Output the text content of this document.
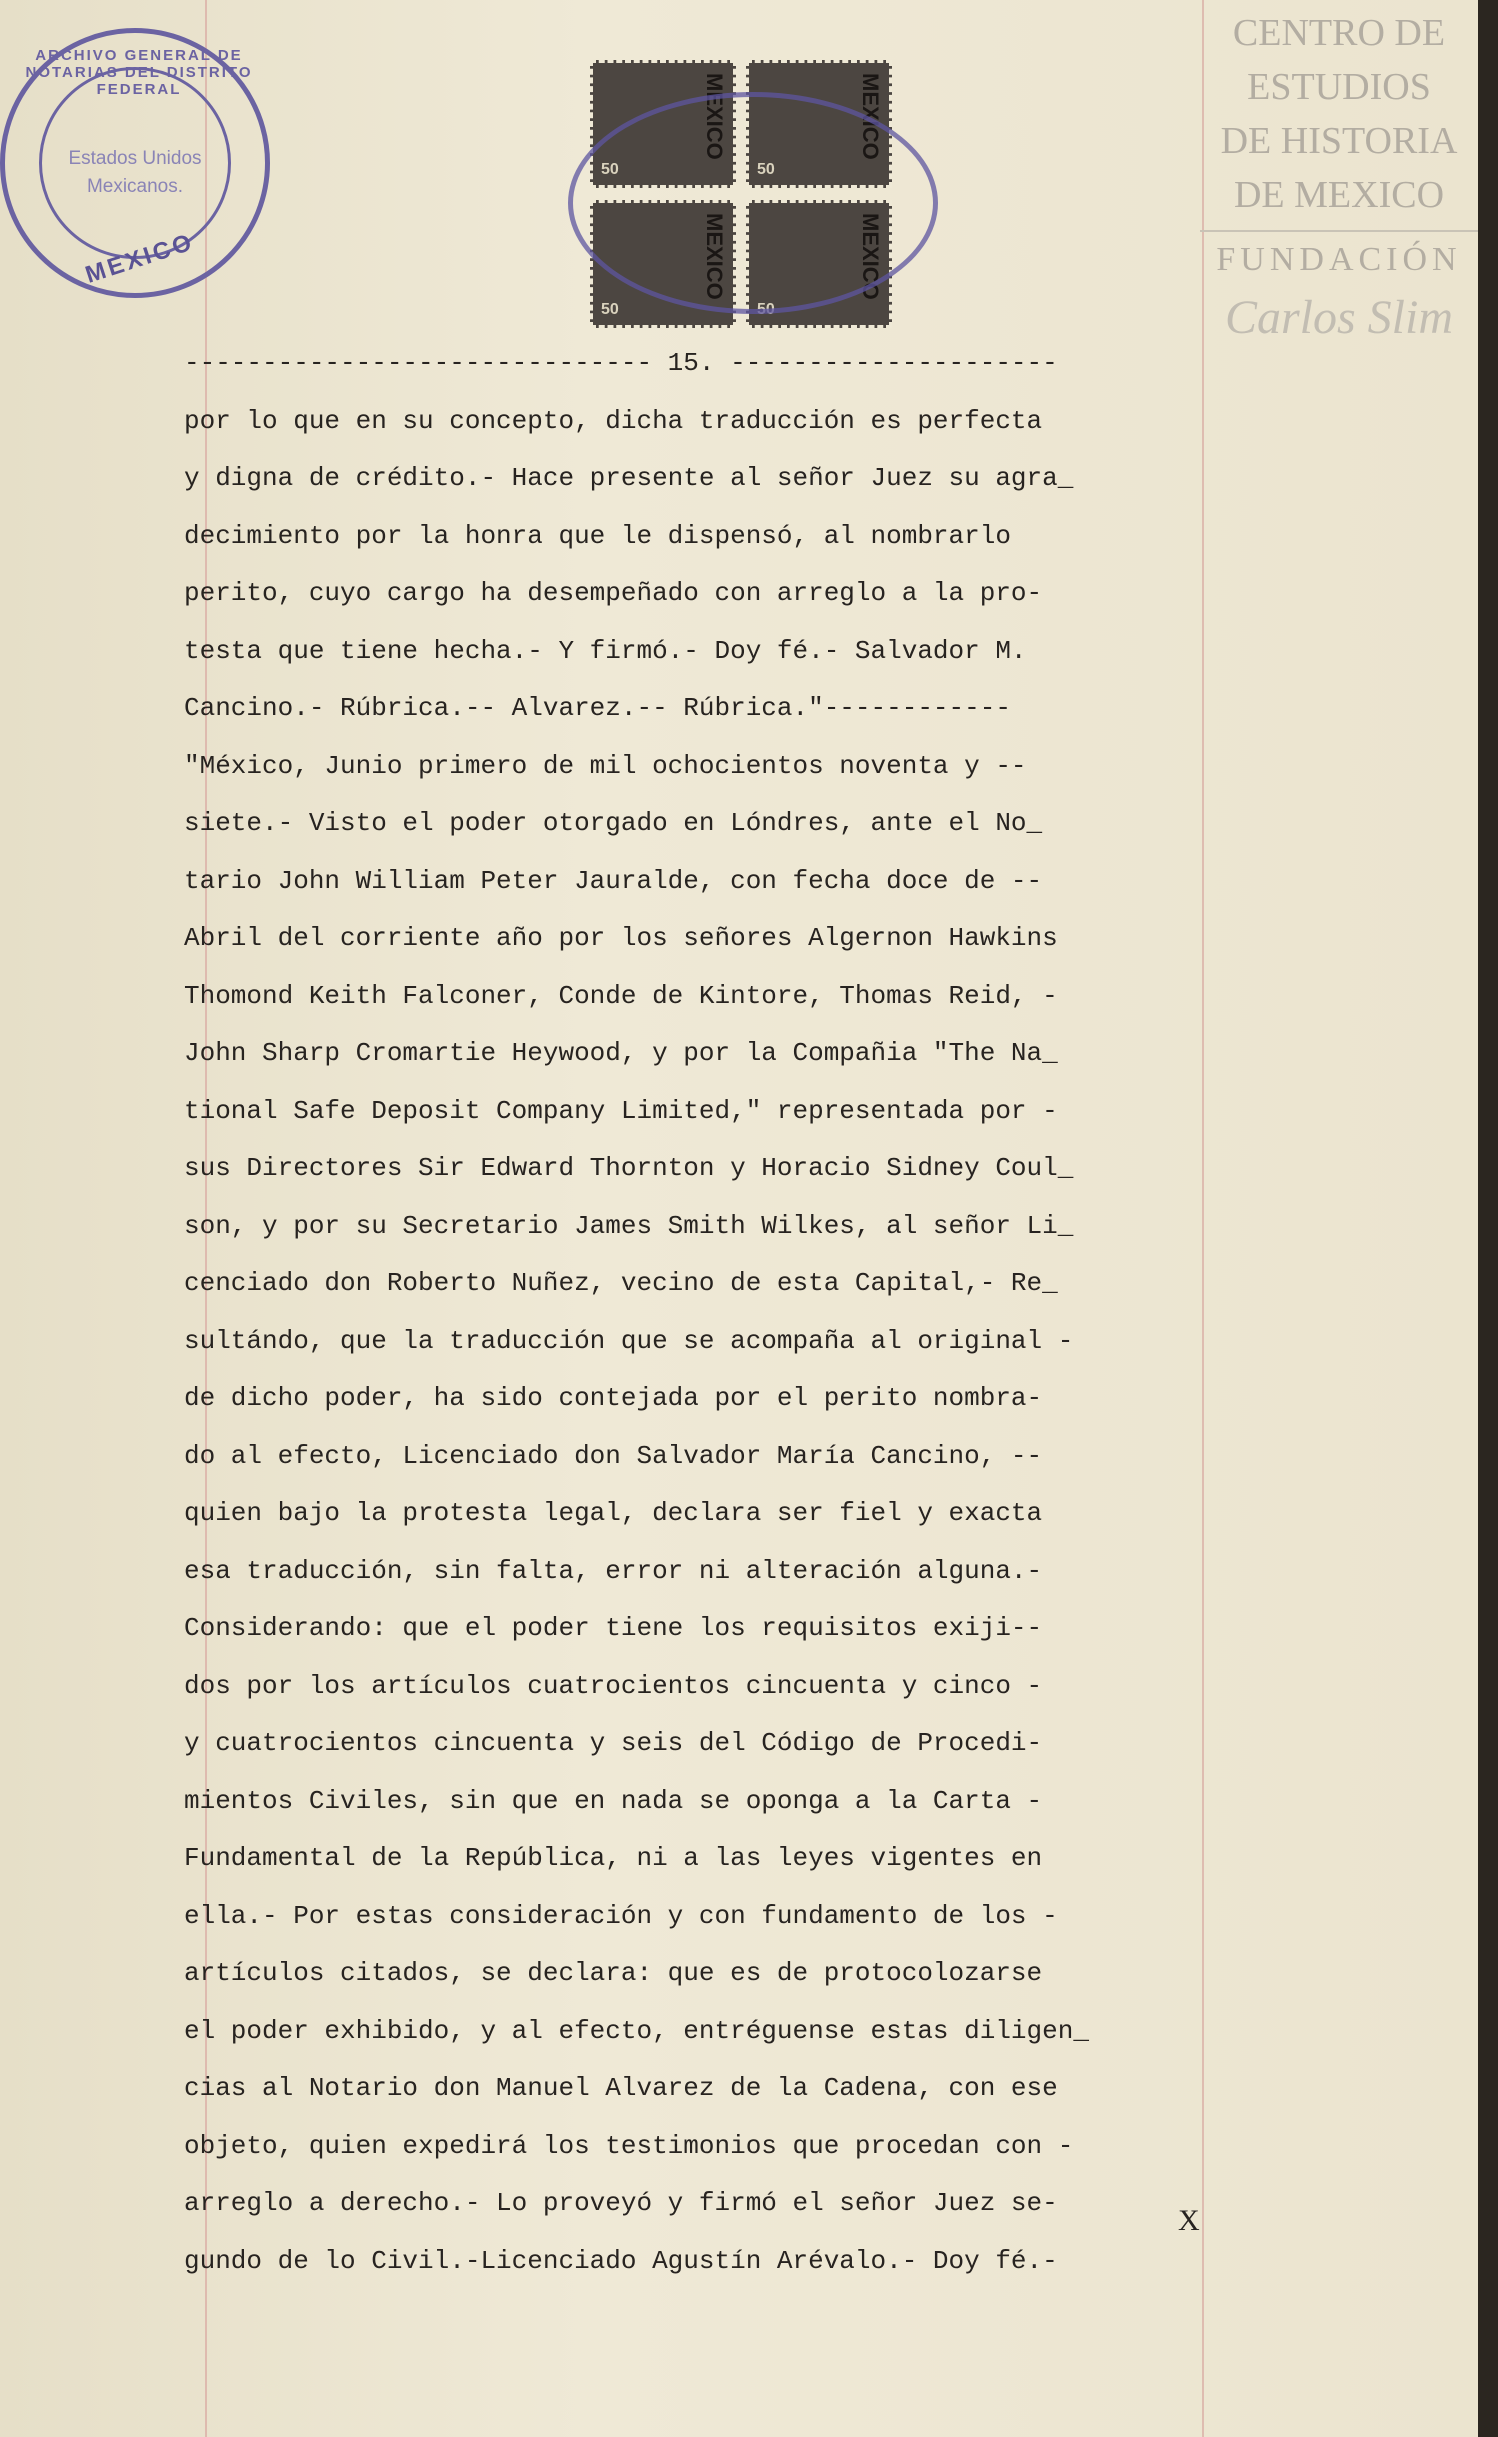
ARCHIVO GENERAL DE NOTARIAS DEL DISTRITO FEDERAL
Estados Unidos
Mexicanos.
MEXICO
MEXICO
50
MEXICO
50
MEXICO
50
MEXICO
50
CENTRO DE
ESTUDIOS
DE HISTORIA
DE MEXICO
FUNDACIÓN
Carlos Slim
------------------------------ 15. ---------------------
por lo que en su concepto, dicha traducción es perfecta
y digna de crédito.- Hace presente al señor Juez su agra_
decimiento por la honra que le dispensó, al nombrarlo
perito, cuyo cargo ha desempeñado con arreglo a la pro-
testa que tiene hecha.- Y firmó.- Doy fé.- Salvador M.
Cancino.- Rúbrica.-- Alvarez.-- Rúbrica."------------
"México, Junio primero de mil ochocientos noventa y --
siete.- Visto el poder otorgado en Lóndres, ante el No_
tario John William Peter Jauralde, con fecha doce de --
Abril del corriente año por los señores Algernon Hawkins
Thomond Keith Falconer, Conde de Kintore, Thomas Reid, -
John Sharp Cromartie Heywood, y por la Compañia "The Na_
tional Safe Deposit Company Limited," representada por -
sus Directores Sir Edward Thornton y Horacio Sidney Coul_
son, y por su Secretario James Smith Wilkes, al señor Li_
cenciado don Roberto Nuñez, vecino de esta Capital,- Re_
sultándo, que la traducción que se acompaña al original -
de dicho poder, ha sido contejada por el perito nombra-
do al efecto, Licenciado don Salvador María Cancino, --
quien bajo la protesta legal, declara ser fiel y exacta
esa traducción, sin falta, error ni alteración alguna.-
Considerando: que el poder tiene los requisitos exiji--
dos por los artículos cuatrocientos cincuenta y cinco -
y cuatrocientos cincuenta y seis del Código de Procedi-
mientos Civiles, sin que en nada se oponga a la Carta -
Fundamental de la República, ni a las leyes vigentes en
ella.- Por estas consideración y con fundamento de los -
artículos citados, se declara: que es de protocolozarse
el poder exhibido, y al efecto, entréguense estas diligen_
cias al Notario don Manuel Alvarez de la Cadena, con ese
objeto, quien expedirá los testimonios que procedan con -
arreglo a derecho.- Lo proveyó y firmó el señor Juez se-
gundo de lo Civil.-Licenciado Agustín Arévalo.- Doy fé.-
X
